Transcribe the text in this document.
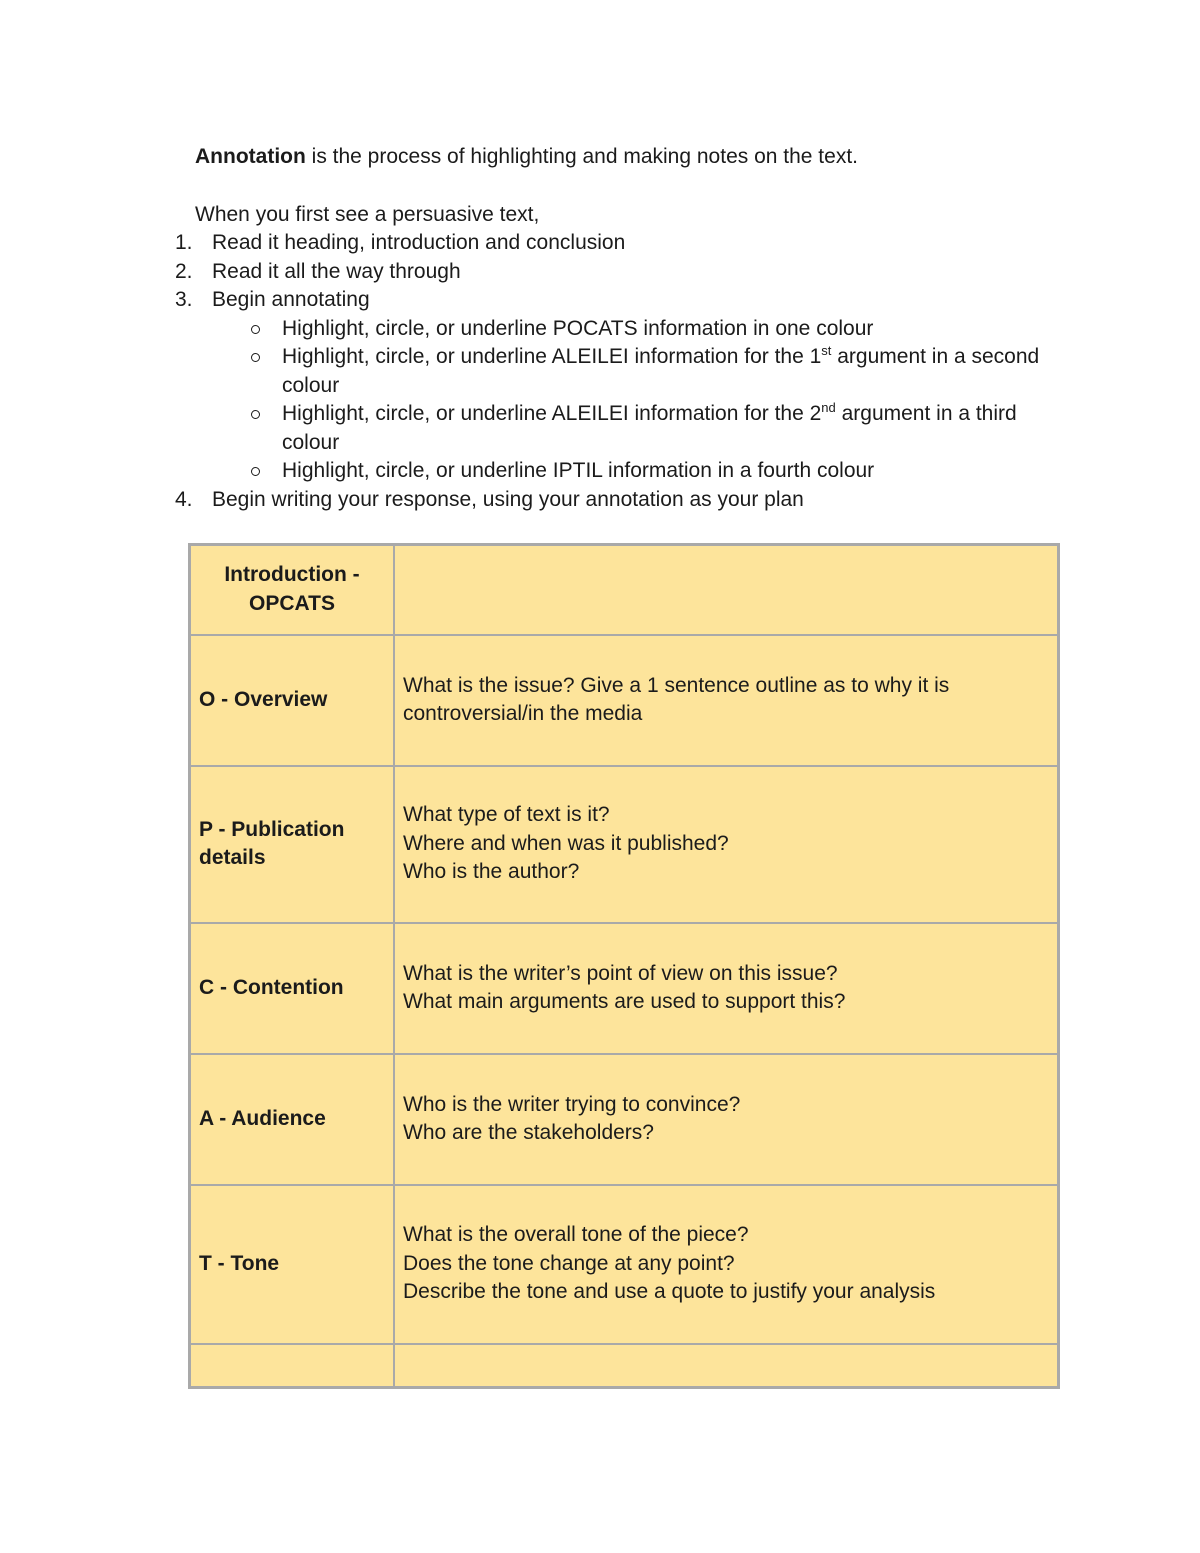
Annotation is the process of highlighting and making notes on the text.
When you first see a persuasive text,
1. Read it heading, introduction and conclusion
2. Read it all the way through
3. Begin annotating
Highlight, circle, or underline POCATS information in one colour
Highlight, circle, or underline ALEILEI information for the 1st argument in a second colour
Highlight, circle, or underline ALEILEI information for the 2nd argument in a third colour
Highlight, circle, or underline IPTIL information in a fourth colour
4. Begin writing your response, using your annotation as your plan
Introduction -
OPCATS	

O - Overview	What is the issue? Give a 1 sentence outline as to why it is controversial/in the media

P - Publication details	What type of text is it?
Where and when was it published?
Who is the author?

C - Contention	What is the writer’s point of view on this issue?
What main arguments are used to support this?

A - Audience	Who is the writer trying to convince?
Who are the stakeholders?

T - Tone	What is the overall tone of the piece?
Does the tone change at any point?
Describe the tone and use a quote to justify your analysis
